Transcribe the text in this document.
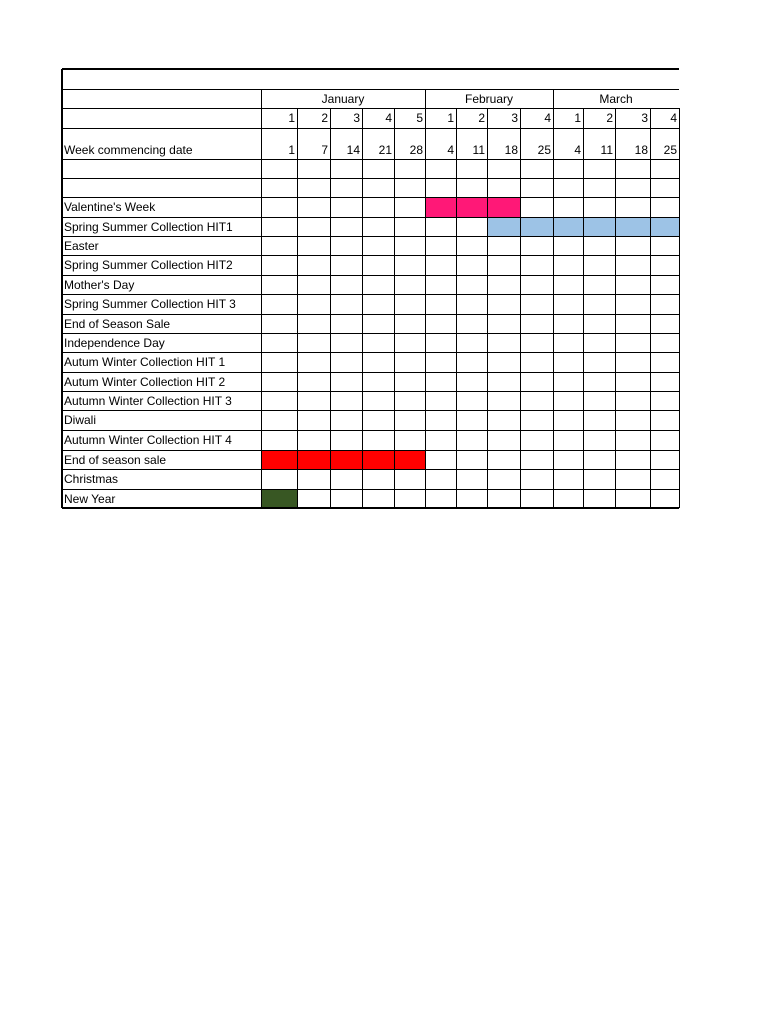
January
1	2	3	4	5
February
1	2	3	4
March
1	2	3	4
Week commencing date	1	7	14	21	28	4	11	18	25	4	11	18	25
Valentine's Week
Spring Summer Collection HIT1
Easter
Spring Summer Collection HIT2
Mother's Day
Spring Summer Collection HIT 3
End of Season Sale
Independence Day
Autum Winter Collection HIT 1
Autum Winter Collection HIT 2
Autumn Winter Collection HIT 3
Diwali
Autumn Winter Collection HIT 4
End of season sale
Christmas
New Year
